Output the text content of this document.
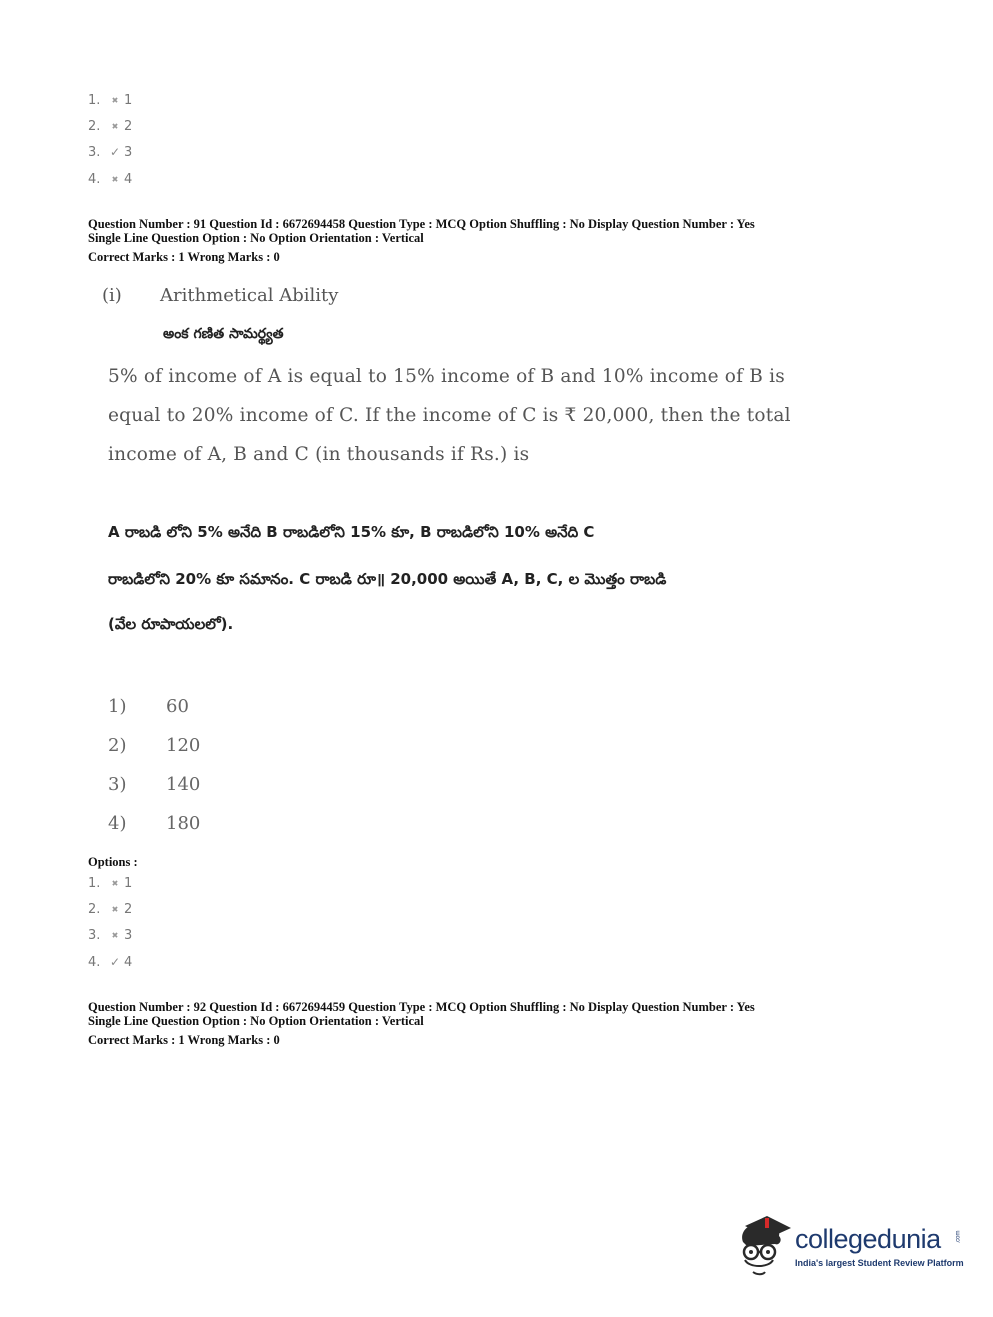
1.	✖ 1
2.	✖ 2
3. ✓ 3
4.	✖ 4
Question Number : 91 Question Id : 6672694458 Question Type : MCQ Option Shuffling : No Display Question Number : Yes
Single Line Question Option : No Option Orientation : Vertical
Correct Marks : 1 Wrong Marks : 0
(i) Arithmetical Ability
అంక గణిత సామర్థ్యత
5% of income of A is equal to 15% income of B and 10% income of B is
equal to 20% income of C. If the income of C is ₹ 20,000, then the total
income of A, B and C (in thousands if Rs.) is
A రాబడి లోని 5% అనేది B రాబడిలోని 15% కూ, B రాబడిలోని 10% అనేది C
రాబడిలోని 20% కూ సమానం. C రాబడి రూ॥ 20,000 అయితే A, B, C, ల మొత్తం రాబడి
(వేల రూపాయలలో).
1)	60
2)	120
3)	140
4)	180
Options :
1.	✖ 1
2.	✖ 2
3.	✖ 3
4. ✓ 4
Question Number : 92 Question Id : 6672694459 Question Type : MCQ Option Shuffling : No Display Question Number : Yes
Single Line Question Option : No Option Orientation : Vertical
Correct Marks : 1 Wrong Marks : 0
collegedunia .com
India's largest Student Review Platform
